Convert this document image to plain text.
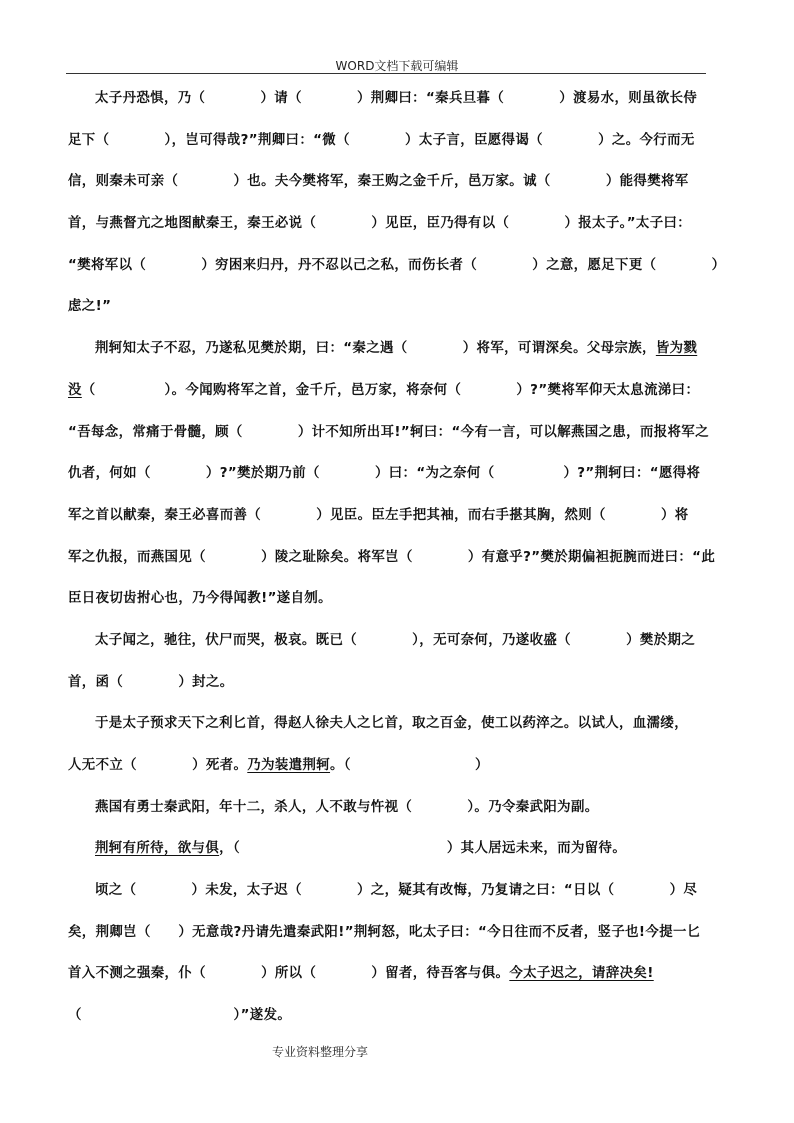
WORD文档下载可编辑
太子丹恐惧，乃（　　　　）请（　　　　）荆卿曰：“秦兵旦暮（　　　　）渡易水，则虽欲长侍
足下（　　　　），岂可得哉?”荆卿曰：“微（　　　　）太子言，臣愿得谒（　　　　）之。今行而无
信，则秦未可亲（　　　　）也。夫今樊将军，秦王购之金千斤，邑万家。诚（　　　　）能得樊将军
首，与燕督亢之地图献秦王，秦王必说（　　　　）见臣，臣乃得有以（　　　　）报太子。”太子曰：
“樊将军以（　　　　）穷困来归丹，丹不忍以己之私，而伤长者（　　　　）之意，愿足下更（　　　　）
虑之!”
荆轲知太子不忍，乃遂私见樊於期，曰：“秦之遇（　　　　）将军，可谓深矣。父母宗族，皆为戮
没（　　　　　）。今闻购将军之首，金千斤，邑万家，将奈何（　　　　）?”樊将军仰天太息流涕曰：
“吾每念，常痛于骨髓，顾（　　　　）计不知所出耳!”轲曰：“今有一言，可以解燕国之患，而报将军之
仇者，何如（　　　　）?”樊於期乃前（　　　　）曰：“为之奈何（　　　　　）?”荆轲曰：“愿得将
军之首以献秦，秦王必喜而善（　　　　）见臣。臣左手把其袖，而右手揕其胸，然则（　　　　）将
军之仇报，而燕国见（　　　　）陵之耻除矣。将军岂（　　　　）有意乎?”樊於期偏袒扼腕而进曰：“此
臣日夜切齿拊心也，乃今得闻教!”遂自刎。
太子闻之，驰往，伏尸而哭，极哀。既已（　　　　），无可奈何，乃遂收盛（　　　　）樊於期之
首，函（　　　　）封之。
于是太子预求天下之利匕首，得赵人徐夫人之匕首，取之百金，使工以药淬之。以试人，血濡缕，
人无不立（　　　　）死者。乃为装遣荆轲。（　　　　　　　　　）
燕国有勇士秦武阳，年十二，杀人，人不敢与忤视（　　　　）。乃令秦武阳为副。
荆轲有所待，欲与俱，（　　　　　　　　　　　　　　　）其人居远未来，而为留待。
顷之（　　　　）未发，太子迟（　　　　）之，疑其有改悔，乃复请之曰：“日以（　　　　）尽
矣，荆卿岂（　　）无意哉?丹请先遣秦武阳!”荆轲怒，叱太子曰：“今日往而不反者，竖子也!今提一匕
首入不测之强秦，仆（　　　　）所以（　　　　）留者，待吾客与俱。今太子迟之，请辞决矣!
（　　　　　　　　　　　）”遂发。
专业资料整理分享
